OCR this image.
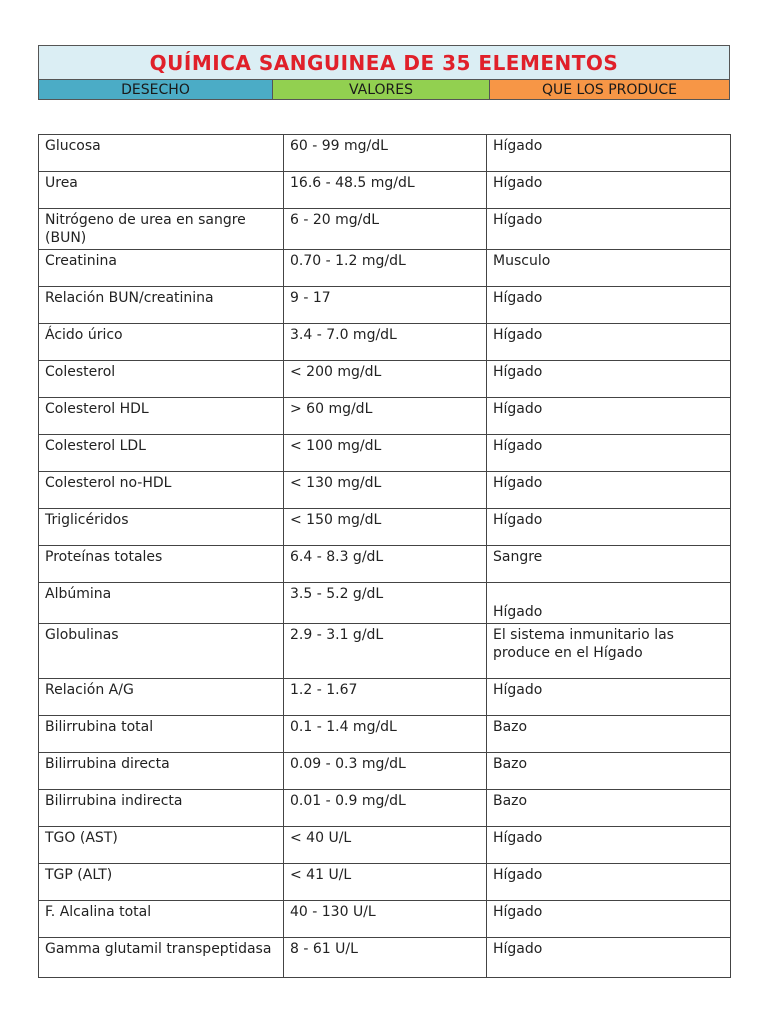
QUÍMICA SANGUINEA DE 35 ELEMENTOS
DESECHO	VALORES	QUE LOS PRODUCE
Glucosa	60 - 99 mg/dL	Hígado
Urea	16.6 - 48.5 mg/dL	Hígado
Nitrógeno de urea en sangre (BUN)	6 - 20 mg/dL	Hígado
Creatinina	0.70 - 1.2 mg/dL	Musculo
Relación BUN/creatinina	9 - 17	Hígado
Ácido úrico	3.4 - 7.0 mg/dL	Hígado
Colesterol	< 200 mg/dL	Hígado
Colesterol HDL	> 60 mg/dL	Hígado
Colesterol LDL	< 100 mg/dL	Hígado
Colesterol no-HDL	< 130 mg/dL	Hígado
Triglicéridos	< 150 mg/dL	Hígado
Proteínas totales	6.4 - 8.3 g/dL	Sangre
Albúmina	3.5 - 5.2 g/dL	Hígado

Globulinas	2.9 - 3.1 g/dL	El sistema inmunitario las produce en el Hígado
Relación A/G	1.2 - 1.67	Hígado
Bilirrubina total	0.1 - 1.4 mg/dL	Bazo
Bilirrubina directa	0.09 - 0.3 mg/dL	Bazo
Bilirrubina indirecta	0.01 - 0.9 mg/dL	Bazo
TGO (AST)	< 40 U/L	Hígado
TGP (ALT)	< 41 U/L	Hígado
F. Alcalina total	40 - 130 U/L	Hígado
Gamma glutamil transpeptidasa	8 - 61 U/L	Hígado
